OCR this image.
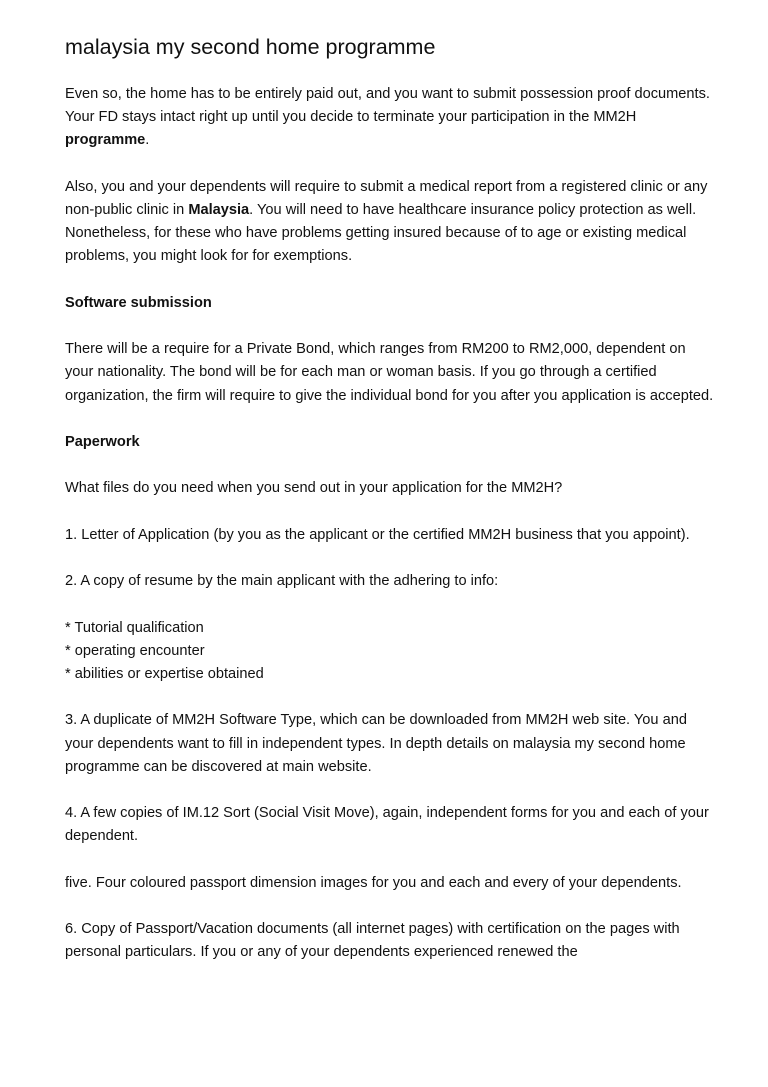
malaysia my second home programme

Even so, the home has to be entirely paid out, and you want to submit possession proof documents. Your FD stays intact right up until you decide to terminate your participation in the MM2H programme.

Also, you and your dependents will require to submit a medical report from a registered clinic or any non-public clinic in Malaysia. You will need to have healthcare insurance policy protection as well. Nonetheless, for these who have problems getting insured because of to age or existing medical problems, you might look for for exemptions.

Software submission

There will be a require for a Private Bond, which ranges from RM200 to RM2,000, dependent on your nationality. The bond will be for each man or woman basis. If you go through a certified organization, the firm will require to give the individual bond for you after you application is accepted.

Paperwork

What files do you need when you send out in your application for the MM2H?

1. Letter of Application (by you as the applicant or the certified MM2H business that you appoint).

2. A copy of resume by the main applicant with the adhering to info:

* Tutorial qualification

* operating encounter

* abilities or expertise obtained

3. A duplicate of MM2H Software Type, which can be downloaded from MM2H web site. You and your dependents want to fill in independent types. In depth details on malaysia my second home programme can be discovered at main website.

4. A few copies of IM.12 Sort (Social Visit Move), again, independent forms for you and each of your dependent.

five. Four coloured passport dimension images for you and each and every of your dependents.

6. Copy of Passport/Vacation documents (all internet pages) with certification on the pages with personal particulars. If you or any of your dependents experienced renewed the
